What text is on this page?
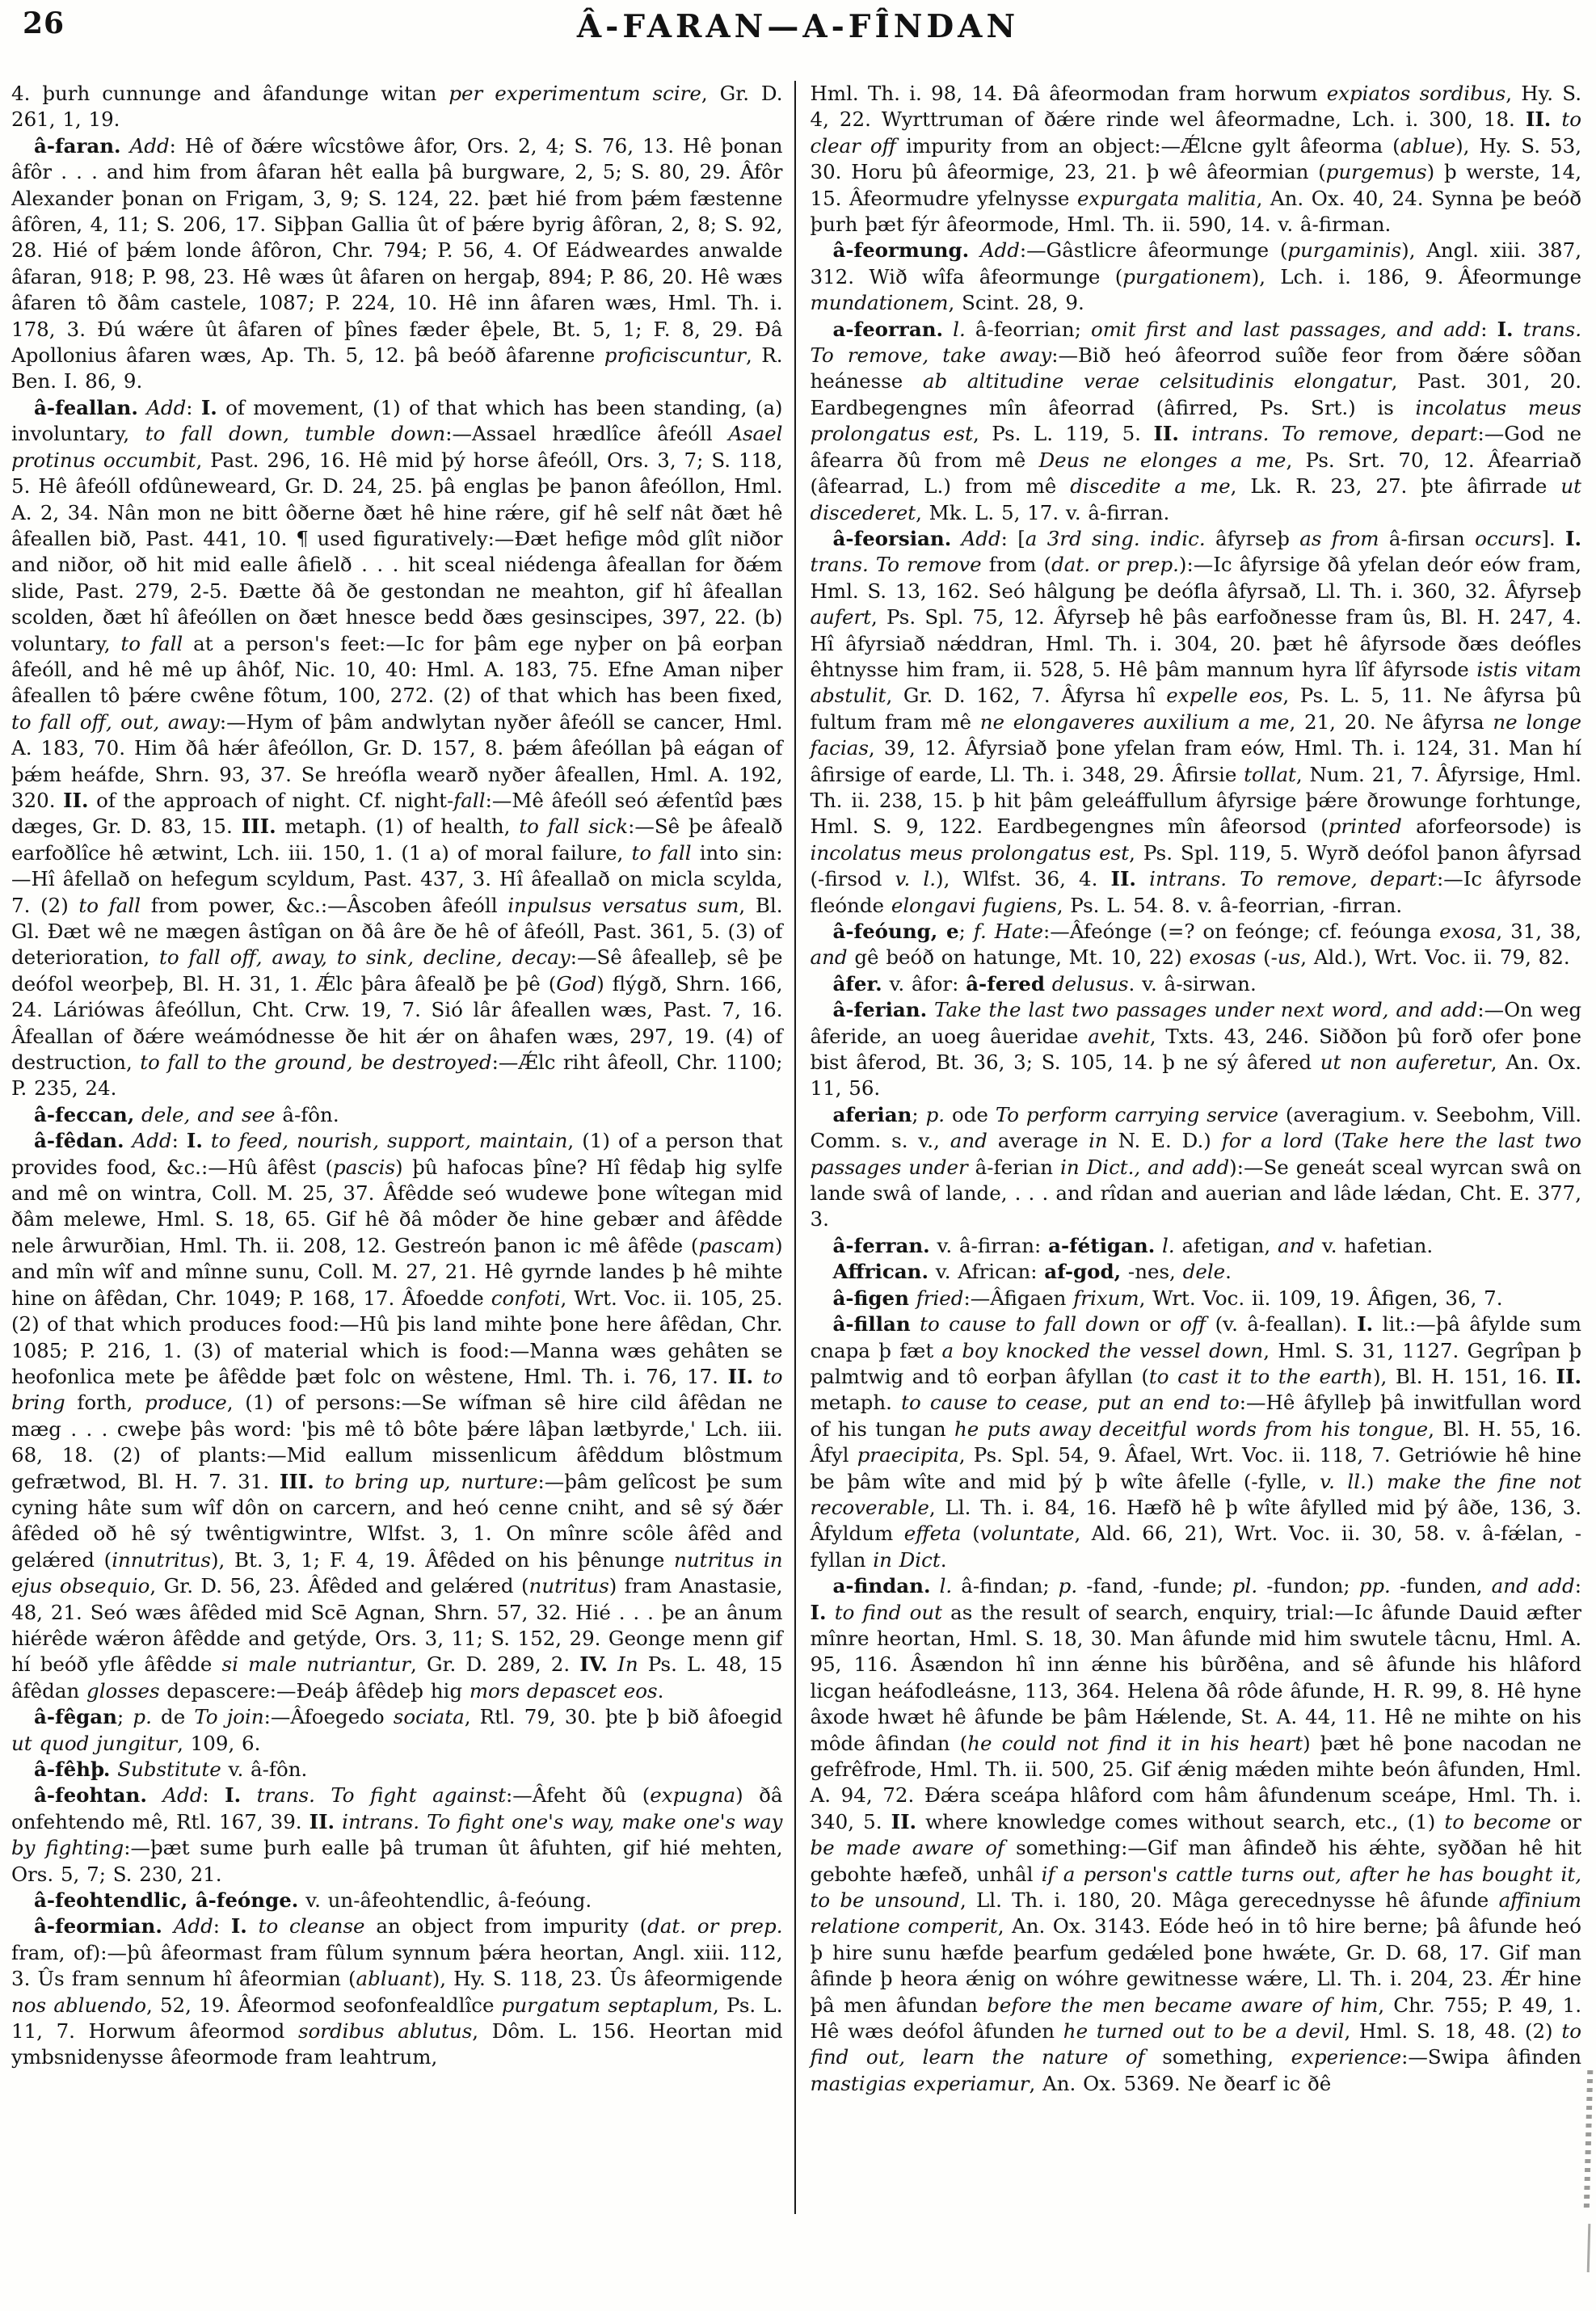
26	Â-FARAN—A-FÎNDAN

4. þurh cunnunge and âfandunge witan per experimentum scire, Gr. D. 261, 1, 19.

â-faran. Add: Hê of ðǽre wîcstôwe âfor, Ors. 2, 4; S. 76, 13. Hê þonan âfôr . . . and him from âfaran hêt ealla þâ burgware, 2, 5; S. 80, 29. Âfôr Alexander þonan on Frigam, 3, 9; S. 124, 22. þæt hié from þǽm fæstenne âfôren, 4, 11; S. 206, 17. Siþþan Gallia ût of þǽre byrig âfôran, 2, 8; S. 92, 28. Hié of þǽm londe âfôron, Chr. 794; P. 56, 4. Of Eádweardes anwalde âfaran, 918; P. 98, 23. Hê wæs ût âfaren on hergaþ, 894; P. 86, 20. Hê wæs âfaren tô ðâm castele, 1087; P. 224, 10. Hê inn âfaren wæs, Hml. Th. i. 178, 3. Ðú wǽre ût âfaren of þînes fæder êþele, Bt. 5, 1; F. 8, 29. Ðâ Apollonius âfaren wæs, Ap. Th. 5, 12. þâ beóð âfarenne proficiscuntur, R. Ben. I. 86, 9.

â-feallan. Add: I. of movement, (1) of that which has been standing, (a) involuntary, to fall down, tumble down:—Assael hrædlîce âfeóll Asael protinus occumbit, Past. 296, 16. Hê mid þý horse âfeóll, Ors. 3, 7; S. 118, 5. Hê âfeóll ofdûneweard, Gr. D. 24, 25. þâ englas þe þanon âfeóllon, Hml. A. 2, 34. Nân mon ne bitt ôðerne ðæt hê hine rǽre, gif hê self nât ðæt hê âfeallen bið, Past. 441, 10. ¶ used figuratively:—Ðæt hefige môd glît niðor and niðor, oð hit mid ealle âfielð . . . hit sceal niédenga âfeallan for ðǽm slide, Past. 279, 2-5. Ðætte ðâ ðe gestondan ne meahton, gif hî âfeallan scolden, ðæt hî âfeóllen on ðæt hnesce bedd ðæs gesinscipes, 397, 22. (b) voluntary, to fall at a person's feet:—Ic for þâm ege nyþer on þâ eorþan âfeóll, and hê mê up âhôf, Nic. 10, 40: Hml. A. 183, 75. Efne Aman niþer âfeallen tô þǽre cwêne fôtum, 100, 272. (2) of that which has been fixed, to fall off, out, away:—Hym of þâm andwlytan nyðer âfeóll se cancer, Hml. A. 183, 70. Him ðâ hǽr âfeóllon, Gr. D. 157, 8. þǽm âfeóllan þâ eágan of þǽm heáfde, Shrn. 93, 37. Se hreófla wearð nyðer âfeallen, Hml. A. 192, 320. II. of the approach of night. Cf. night-fall:—Mê âfeóll seó ǽfentîd þæs dæges, Gr. D. 83, 15. III. metaph. (1) of health, to fall sick:—Sê þe âfealð earfoðlîce hê ætwint, Lch. iii. 150, 1. (1 a) of moral failure, to fall into sin:—Hî âfellað on hefegum scyldum, Past. 437, 3. Hî âfeallað on micla scylda, 7. (2) to fall from power, &c.:—Âscoben âfeóll inpulsus versatus sum, Bl. Gl. Ðæt wê ne mægen âstîgan on ðâ âre ðe hê of âfeóll, Past. 361, 5. (3) of deterioration, to fall off, away, to sink, decline, decay:—Sê âfealleþ, sê þe deófol weorþeþ, Bl. H. 31, 1. Ǽlc þâra âfealð þe þê (God) flýgð, Shrn. 166, 24. Láriówas âfeóllun, Cht. Crw. 19, 7. Sió lâr âfeallen wæs, Past. 7, 16. Âfeallan of ðǽre weámódnesse ðe hit ǽr on âhafen wæs, 297, 19. (4) of destruction, to fall to the ground, be destroyed:—Ǽlc riht âfeoll, Chr. 1100; P. 235, 24.

â-feccan, dele, and see â-fôn.

â-fêdan. Add: I. to feed, nourish, support, maintain, (1) of a person that provides food, &c.:—Hû âfêst (pascis) þû hafocas þîne? Hî fêdaþ hig sylfe and mê on wintra, Coll. M. 25, 37. Âfêdde seó wudewe þone wîtegan mid ðâm melewe, Hml. S. 18, 65. Gif hê ðâ môder ðe hine gebær and âfêdde nele ârwurðian, Hml. Th. ii. 208, 12. Gestreón þanon ic mê âfêde (pascam) and mîn wîf and mînne sunu, Coll. M. 27, 21. Hê gyrnde landes þ hê mihte hine on âfêdan, Chr. 1049; P. 168, 17. Âfoedde confoti, Wrt. Voc. ii. 105, 25. (2) of that which produces food:—Hû þis land mihte þone here âfêdan, Chr. 1085; P. 216, 1. (3) of material which is food:—Manna wæs gehâten se heofonlica mete þe âfêdde þæt folc on wêstene, Hml. Th. i. 76, 17. II. to bring forth, produce, (1) of persons:—Se wífman sê hire cild âfêdan ne mæg . . . cweþe þâs word: 'þis mê tô bôte þǽre lâþan lætbyrde,' Lch. iii. 68, 18. (2) of plants:—Mid eallum missenlicum âfêddum blôstmum gefrætwod, Bl. H. 7. 31. III. to bring up, nurture:—þâm gelîcost þe sum cyning hâte sum wîf dôn on carcern, and heó cenne cniht, and sê sý ðǽr âfêded oð hê sý twêntigwintre, Wlfst. 3, 1. On mînre scôle âfêd and gelǽred (innutritus), Bt. 3, 1; F. 4, 19. Âfêded on his þênunge nutritus in ejus obsequio, Gr. D. 56, 23. Âfêded and gelǽred (nutritus) fram Anastasie, 48, 21. Seó wæs âfêded mid Scē Agnan, Shrn. 57, 32. Hié . . . þe an ânum hiérêde wǽron âfêdde and getýde, Ors. 3, 11; S. 152, 29. Geonge menn gif hí beóð yfle âfêdde si male nutriantur, Gr. D. 289, 2. IV. In Ps. L. 48, 15 âfêdan glosses depascere:—Ðeáþ âfêdeþ hig mors depascet eos.

â-fêgan; p. de To join:—Âfoegedo sociata, Rtl. 79, 30. þte þ bið âfoegid ut quod jungitur, 109, 6.

â-fêhþ. Substitute v. â-fôn.

â-feohtan. Add: I. trans. To fight against:—Âfeht ðû (expugna) ðâ onfehtendo mê, Rtl. 167, 39. II. intrans. To fight one's way, make one's way by fighting:—þæt sume þurh ealle þâ truman ût âfuhten, gif hié mehten, Ors. 5, 7; S. 230, 21.

â-feohtendlic, â-feónge. v. un-âfeohtendlic, â-feóung.

â-feormian. Add: I. to cleanse an object from impurity (dat. or prep. fram, of):—þû âfeormast fram fûlum synnum þǽra heortan, Angl. xiii. 112, 3. Ûs fram sennum hî âfeormian (abluant), Hy. S. 118, 23. Ûs âfeormigende nos abluendo, 52, 19. Âfeormod seofonfealdlîce purgatum septaplum, Ps. L. 11, 7. Horwum âfeormod sordibus ablutus, Dôm. L. 156. Heortan mid ymbsnidenysse âfeormode fram leahtrum,

Hml. Th. i. 98, 14. Ðâ âfeormodan fram horwum expiatos sordibus, Hy. S. 4, 22. Wyrttruman of ðǽre rinde wel âfeormadne, Lch. i. 300, 18. II. to clear off impurity from an object:—Ǽlcne gylt âfeorma (ablue), Hy. S. 53, 30. Horu þû âfeormige, 23, 21. þ wê âfeormian (purgemus) þ werste, 14, 15. Âfeormudre yfelnysse expurgata malitia, An. Ox. 40, 24. Synna þe beóð þurh þæt fýr âfeormode, Hml. Th. ii. 590, 14. v. â-firman.

â-feormung. Add:—Gâstlicre âfeormunge (purgaminis), Angl. xiii. 387, 312. Wið wîfa âfeormunge (purgationem), Lch. i. 186, 9. Âfeormunge mundationem, Scint. 28, 9.

a-feorran. l. â-feorrian; omit first and last passages, and add: I. trans. To remove, take away:—Bið heó âfeorrod suîðe feor from ðǽre sôðan heánesse ab altitudine verae celsitudinis elongatur, Past. 301, 20. Eardbegengnes mîn âfeorrad (âfirred, Ps. Srt.) is incolatus meus prolongatus est, Ps. L. 119, 5. II. intrans. To remove, depart:—God ne âfearra ðû from mê Deus ne elonges a me, Ps. Srt. 70, 12. Âfearriað (âfearrad, L.) from mê discedite a me, Lk. R. 23, 27. þte âfirrade ut discederet, Mk. L. 5, 17. v. â-firran.

â-feorsian. Add: [a 3rd sing. indic. âfyrseþ as from â-firsan occurs]. I. trans. To remove from (dat. or prep.):—Ic âfyrsige ðâ yfelan deór eów fram, Hml. S. 13, 162. Seó hâlgung þe deófla âfyrsað, Ll. Th. i. 360, 32. Âfyrseþ aufert, Ps. Spl. 75, 12. Âfyrseþ hê þâs earfoðnesse fram ûs, Bl. H. 247, 4. Hî âfyrsiað nǽddran, Hml. Th. i. 304, 20. þæt hê âfyrsode ðæs deófles êhtnysse him fram, ii. 528, 5. Hê þâm mannum hyra lîf âfyrsode istis vitam abstulit, Gr. D. 162, 7. Âfyrsa hî expelle eos, Ps. L. 5, 11. Ne âfyrsa þû fultum fram mê ne elongaveres auxilium a me, 21, 20. Ne âfyrsa ne longe facias, 39, 12. Âfyrsiað þone yfelan fram eów, Hml. Th. i. 124, 31. Man hí âfirsige of earde, Ll. Th. i. 348, 29. Âfirsie tollat, Num. 21, 7. Âfyrsige, Hml. Th. ii. 238, 15. þ hit þâm geleáffullum âfyrsige þǽre ðrowunge forhtunge, Hml. S. 9, 122. Eardbegengnes mîn âfeorsod (printed aforfeorsode) is incolatus meus prolongatus est, Ps. Spl. 119, 5. Wyrð deófol þanon âfyrsad (-firsod v. l.), Wlfst. 36, 4. II. intrans. To remove, depart:—Ic âfyrsode fleónde elongavi fugiens, Ps. L. 54. 8. v. â-feorrian, -firran.

â-feóung, e; f. Hate:—Âfeónge (=? on feónge; cf. feóunga exosa, 31, 38, and gê beóð on hatunge, Mt. 10, 22) exosas (-us, Ald.), Wrt. Voc. ii. 79, 82.

âfer. v. âfor: â-fered delusus. v. â-sirwan.

â-ferian. Take the last two passages under next word, and add:—On weg âferide, an uoeg âueridae avehit, Txts. 43, 246. Siððon þû forð ofer þone bist âferod, Bt. 36, 3; S. 105, 14. þ ne sý âfered ut non auferetur, An. Ox. 11, 56.

aferian; p. ode To perform carrying service (averagium. v. Seebohm, Vill. Comm. s. v., and average in N. E. D.) for a lord (Take here the last two passages under â-ferian in Dict., and add):—Se geneát sceal wyrcan swâ on lande swâ of lande, . . . and rîdan and auerian and lâde lǽdan, Cht. E. 377, 3.

â-ferran. v. â-firran: a-fétigan. l. afetigan, and v. hafetian.

Affrican. v. African: af-god, -nes, dele.

â-figen fried:—Âfigaen frixum, Wrt. Voc. ii. 109, 19. Âfigen, 36, 7.

â-fillan to cause to fall down or off (v. â-feallan). I. lit.:—þâ âfylde sum cnapa þ fæt a boy knocked the vessel down, Hml. S. 31, 1127. Gegrîpan þ palmtwig and tô eorþan âfyllan (to cast it to the earth), Bl. H. 151, 16. II. metaph. to cause to cease, put an end to:—Hê âfylleþ þâ inwitfullan word of his tungan he puts away deceitful words from his tongue, Bl. H. 55, 16. Âfyl praecipita, Ps. Spl. 54, 9. Âfael, Wrt. Voc. ii. 118, 7. Getriówie hê hine be þâm wîte and mid þý þ wîte âfelle (-fylle, v. ll.) make the fine not recoverable, Ll. Th. i. 84, 16. Hæfð hê þ wîte âfylled mid þý âðe, 136, 3. Âfyldum effeta (voluntate, Ald. 66, 21), Wrt. Voc. ii. 30, 58. v. â-fǽlan, -fyllan in Dict.

a-findan. l. â-findan; p. -fand, -funde; pl. -fundon; pp. -funden, and add: I. to find out as the result of search, enquiry, trial:—Ic âfunde Dauid æfter mînre heortan, Hml. S. 18, 30. Man âfunde mid him swutele tâcnu, Hml. A. 95, 116. Âsændon hî inn ǽnne his bûrðêna, and sê âfunde his hlâford licgan heáfodleásne, 113, 364. Helena ðâ rôde âfunde, H. R. 99, 8. Hê hyne âxode hwæt hê âfunde be þâm Hǽlende, St. A. 44, 11. Hê ne mihte on his môde âfindan (he could not find it in his heart) þæt hê þone nacodan ne gefrêfrode, Hml. Th. ii. 500, 25. Gif ǽnig mǽden mihte beón âfunden, Hml. A. 94, 72. Ðǽra sceápa hlâford com hâm âfundenum sceápe, Hml. Th. i. 340, 5. II. where knowledge comes without search, etc., (1) to become or be made aware of something:—Gif man âfindeð his ǽhte, syððan hê hit gebohte hæfeð, unhâl if a person's cattle turns out, after he has bought it, to be unsound, Ll. Th. i. 180, 20. Mâga gerecednysse hê âfunde affinium relatione comperit, An. Ox. 3143. Eóde heó in tô hire berne; þâ âfunde heó þ hire sunu hæfde þearfum gedǽled þone hwǽte, Gr. D. 68, 17. Gif man âfinde þ heora ǽnig on wóhre gewitnesse wǽre, Ll. Th. i. 204, 23. Ǽr hine þâ men âfundan before the men became aware of him, Chr. 755; P. 49, 1. Hê wæs deófol âfunden he turned out to be a devil, Hml. S. 18, 48. (2) to find out, learn the nature of something, experience:—Swipa âfinden mastigias experiamur, An. Ox. 5369. Ne ðearf ic ðê
